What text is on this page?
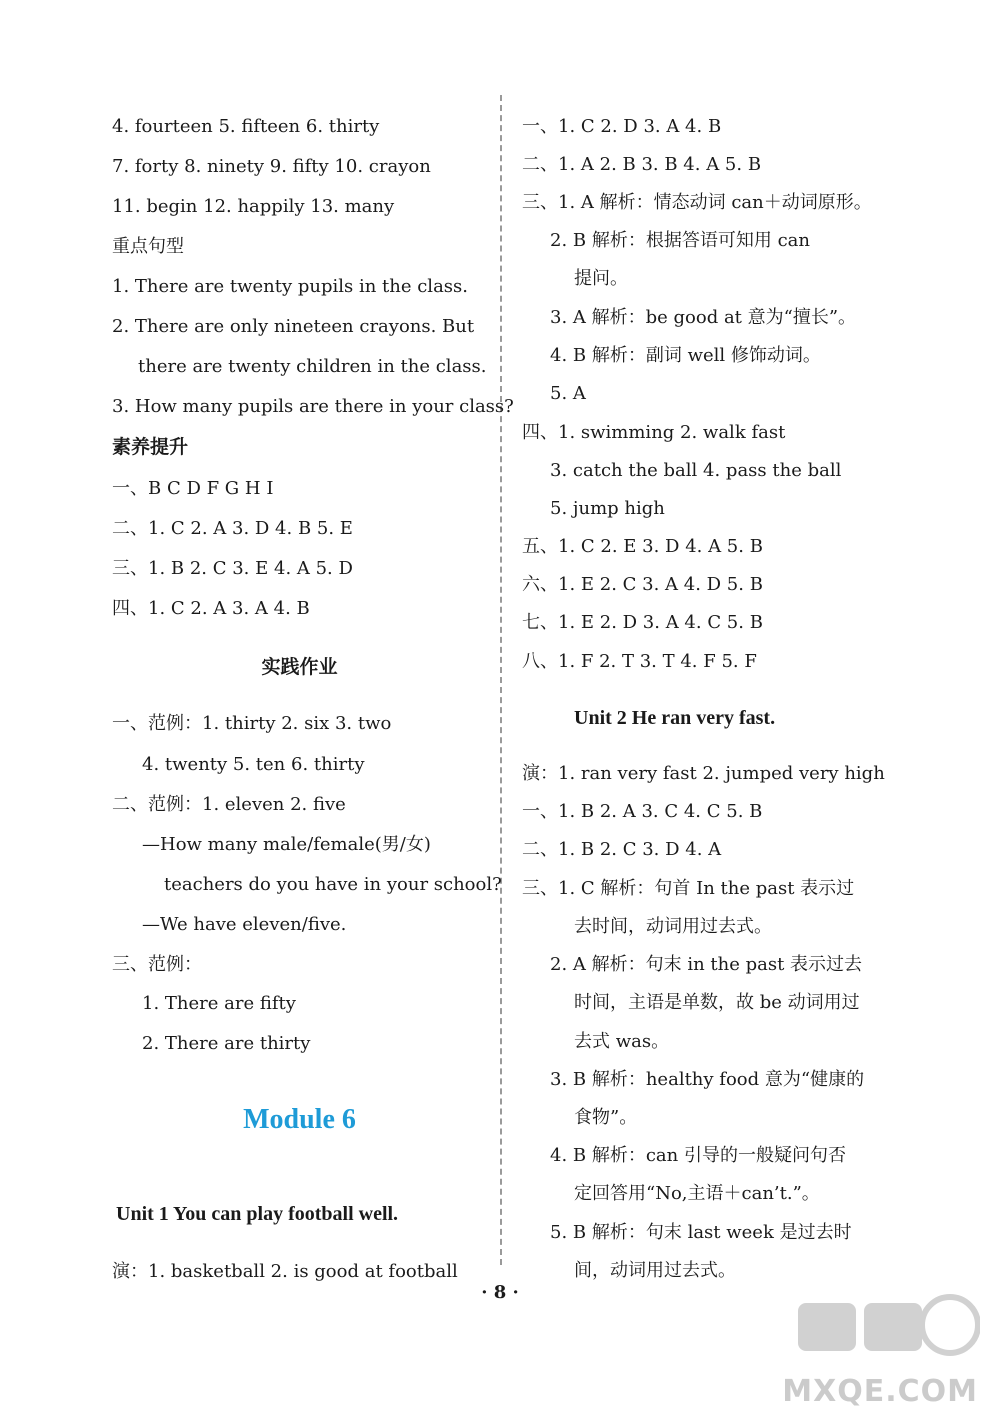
4. fourteen 5. fifteen 6. thirty
7. forty 8. ninety 9. fifty 10. crayon
11. begin 12. happily 13. many
重点句型
1. There are twenty pupils in the class.
2. There are only nineteen crayons. But
there are twenty children in the class.
3. How many pupils are there in your class?
素养提升
一、B C D F G H I
二、1. C 2. A 3. D 4. B 5. E
三、1. B 2. C 3. E 4. A 5. D
四、1. C 2. A 3. A 4. B
实践作业
一、范例：1. thirty 2. six 3. two
4. twenty 5. ten 6. thirty
二、范例：1. eleven 2. five
—How many male/female(男/女)
teachers do you have in your school?
—We have eleven/five.
三、范例：
1. There are fifty
2. There are thirty
Module 6
Unit 1 You can play football well.
演：1. basketball 2. is good at football
一、1. C 2. D 3. A 4. B
二、1. A 2. B 3. B 4. A 5. B
三、1. A 解析：情态动词 can＋动词原形。
2. B 解析：根据答语可知用 can
提问。
3. A 解析：be good at 意为“擅长”。
4. B 解析：副词 well 修饰动词。
5. A
四、1. swimming 2. walk fast
3. catch the ball 4. pass the ball
5. jump high
五、1. C 2. E 3. D 4. A 5. B
六、1. E 2. C 3. A 4. D 5. B
七、1. E 2. D 3. A 4. C 5. B
八、1. F 2. T 3. T 4. F 5. F
Unit 2 He ran very fast.
演：1. ran very fast 2. jumped very high
一、1. B 2. A 3. C 4. C 5. B
二、1. B 2. C 3. D 4. A
三、1. C 解析：句首 In the past 表示过
去时间，动词用过去式。
2. A 解析：句末 in the past 表示过去
时间，主语是单数，故 be 动词用过
去式 was。
3. B 解析：healthy food 意为“健康的
食物”。
4. B 解析：can 引导的一般疑问句否
定回答用“No,主语＋can’t.”。
5. B 解析：句末 last week 是过去时
间，动词用过去式。
· 8 ·
MXQE.COM
